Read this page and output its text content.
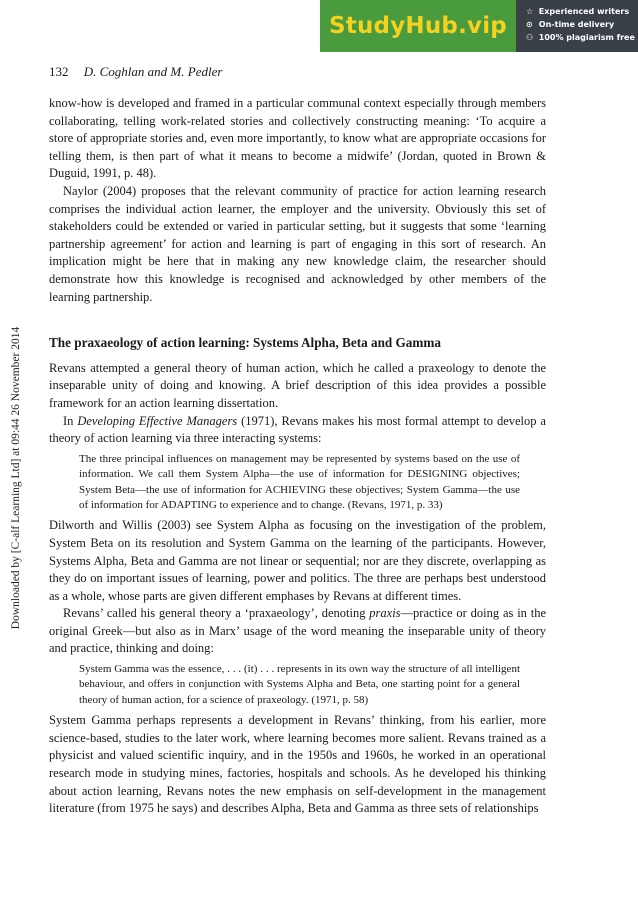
StudyHub.vip
☆ Experienced writers
⊙ On-time delivery
⚇ 100% plagiarism free
Downloaded by [C-alf Learning Ltd] at 09:44 26 November 2014
132 D. Coghlan and M. Pedler

know-how is developed and framed in a particular communal context especially through members collaborating, telling work-related stories and collectively constructing meaning: ‘To acquire a store of appropriate stories and, even more importantly, to know what are appropriate occasions for telling them, is then part of what it means to become a midwife’ (Jordan, quoted in Brown & Duguid, 1991, p. 48).

Naylor (2004) proposes that the relevant community of practice for action learning research comprises the individual action learner, the employer and the university. Obviously this set of stakeholders could be extended or varied in particular setting, but it suggests that some ‘learning partnership agreement’ for action and learning is part of engaging in this sort of research. An implication might be here that in making any new knowledge claim, the researcher should demonstrate how this knowledge is recognised and acknowledged by other members of the learning partnership.

The praxaeology of action learning: Systems Alpha, Beta and Gamma

Revans attempted a general theory of human action, which he called a praxeology to denote the inseparable unity of doing and knowing. A brief description of this idea provides a possible framework for an action learning dissertation.

In Developing Effective Managers (1971), Revans makes his most formal attempt to develop a theory of action learning via three interacting systems:

The three principal influences on management may be represented by systems based on the use of information. We call them System Alpha—the use of information for DESIGNING objectives; System Beta—the use of information for ACHIEVING these objectives; System Gamma—the use of information for ADAPTING to experience and to change. (Revans, 1971, p. 33)

Dilworth and Willis (2003) see System Alpha as focusing on the investigation of the problem, System Beta on its resolution and System Gamma on the learning of the participants. However, Systems Alpha, Beta and Gamma are not linear or sequential; nor are they discrete, overlapping as they do on important issues of learning, power and politics. The three are perhaps best understood as a whole, whose parts are given different emphases by Revans at different times.

Revans’ called his general theory a ‘praxaeology’, denoting praxis—practice or doing as in the original Greek—but also as in Marx’ usage of the word meaning the inseparable unity of theory and practice, thinking and doing:

System Gamma was the essence, . . . (it) . . . represents in its own way the structure of all intelligent behaviour, and offers in conjunction with Systems Alpha and Beta, one starting point for a general theory of human action, for a science of praxeology. (1971, p. 58)

System Gamma perhaps represents a development in Revans’ thinking, from his earlier, more science-based, studies to the later work, where learning becomes more salient. Revans trained as a physicist and valued scientific inquiry, and in the 1950s and 1960s, he worked in an operational research mode in studying mines, factories, hospitals and schools. As he developed his thinking about action learning, Revans notes the new emphasis on self-development in the management literature (from 1975 he says) and describes Alpha, Beta and Gamma as three sets of relationships
